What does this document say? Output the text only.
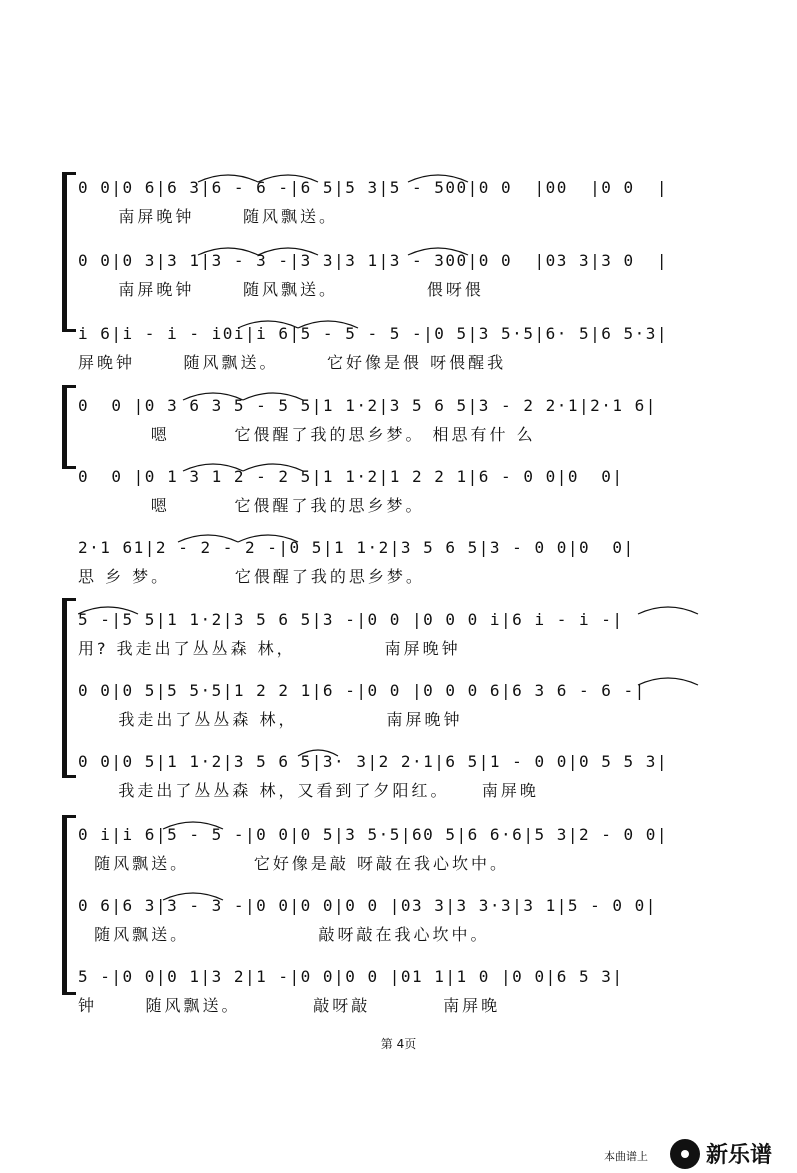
0 0|0 6|6 3|6 - 6 -|6 5|5 3|5 - 500|0 0  |00  |0 0  |
南屏晚钟      随风飘送。
0 0|0 3|3 1|3 - 3 -|3 3|3 1|3 - 300|0 0  |03 3|3 0  |
南屏晚钟      随风飘送。           偎呀偎
i 6|i - i - i0i|i 6|5 - 5 - 5 -|0 5|3 5·5|6· 5|6 5·3|
屏晚钟      随风飘送。      它好像是偎 呀偎醒我
0  0 |0 3 6 3 5 - 5 5|1 1·2|3 5 6 5|3 - 2 2·1|2·1 6|
嗯        它偎醒了我的思乡梦。 相思有什 么
0  0 |0 1 3 1 2 - 2 5|1 1·2|1 2 2 1|6 - 0 0|0  0|
嗯        它偎醒了我的思乡梦。
2·1 61|2 - 2 - 2 -|0 5|1 1·2|3 5 6 5|3 - 0 0|0  0|
思 乡 梦。        它偎醒了我的思乡梦。
5 -|5 5|1 1·2|3 5 6 5|3 -|0 0 |0 0 0 i|6 i - i -|
用? 我走出了丛丛森 林，           南屏晚钟
0 0|0 5|5 5·5|1 2 2 1|6 -|0 0 |0 0 0 6|6 3 6 - 6 -|
我走出了丛丛森 林，           南屏晚钟
0 0|0 5|1 1·2|3 5 6 5|3· 3|2 2·1|6 5|1 - 0 0|0 5 5 3|
我走出了丛丛森 林，又看到了夕阳红。    南屏晚
0 i|i 6|5 - 5 -|0 0|0 5|3 5·5|60 5|6 6·6|5 3|2 - 0 0|
随风飘送。        它好像是敲 呀敲在我心坎中。
0 6|6 3|3 - 3 -|0 0|0 0|0 0 |03 3|3 3·3|3 1|5 - 0 0|
随风飘送。                敲呀敲在我心坎中。
5 -|0 0|0 1|3 2|1 -|0 0|0 0 |01 1|1 0 |0 0|6 5 3|
钟      随风飘送。         敲呀敲         南屏晚
第 4页
本曲谱上	新乐谱
